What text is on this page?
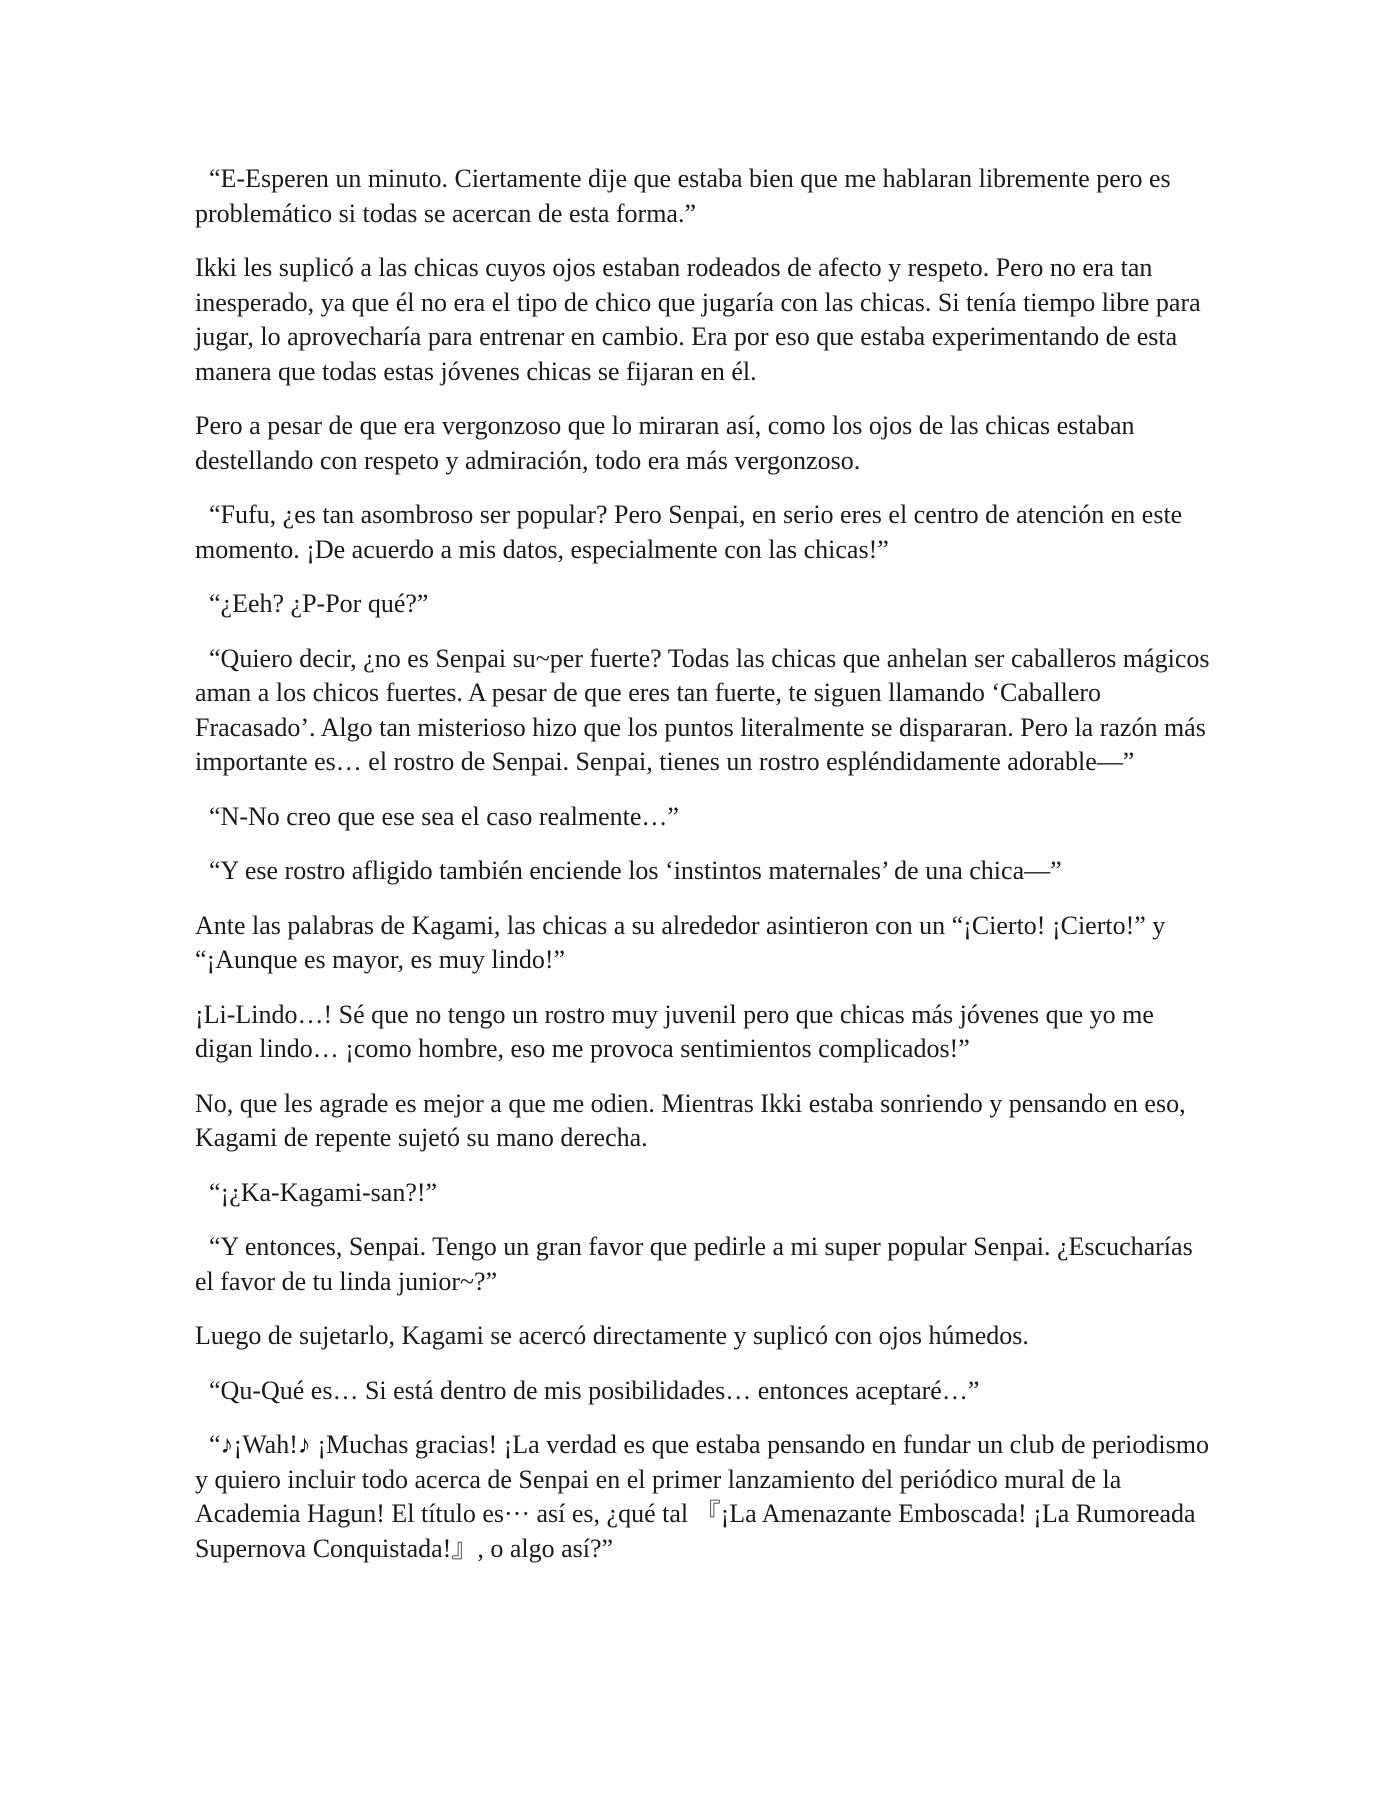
“E-Esperen un minuto. Ciertamente dije que estaba bien que me hablaran libremente pero es problemático si todas se acercan de esta forma.”

Ikki les suplicó a las chicas cuyos ojos estaban rodeados de afecto y respeto. Pero no era tan inesperado, ya que él no era el tipo de chico que jugaría con las chicas. Si tenía tiempo libre para jugar, lo aprovecharía para entrenar en cambio. Era por eso que estaba experimentando de esta manera que todas estas jóvenes chicas se fijaran en él.

Pero a pesar de que era vergonzoso que lo miraran así, como los ojos de las chicas estaban destellando con respeto y admiración, todo era más vergonzoso.

“Fufu, ¿es tan asombroso ser popular? Pero Senpai, en serio eres el centro de atención en este momento. ¡De acuerdo a mis datos, especialmente con las chicas!”

“¿Eeh? ¿P-Por qué?”

“Quiero decir, ¿no es Senpai su~per fuerte? Todas las chicas que anhelan ser caballeros mágicos aman a los chicos fuertes. A pesar de que eres tan fuerte, te siguen llamando ‘Caballero Fracasado’. Algo tan misterioso hizo que los puntos literalmente se dispararan. Pero la razón más importante es… el rostro de Senpai. Senpai, tienes un rostro espléndidamente adorable—”

“N-No creo que ese sea el caso realmente…”

“Y ese rostro afligido también enciende los ‘instintos maternales’ de una chica—”

Ante las palabras de Kagami, las chicas a su alrededor asintieron con un “¡Cierto! ¡Cierto!” y “¡Aunque es mayor, es muy lindo!”

¡Li-Lindo…! Sé que no tengo un rostro muy juvenil pero que chicas más jóvenes que yo me digan lindo… ¡como hombre, eso me provoca sentimientos complicados!”

No, que les agrade es mejor a que me odien. Mientras Ikki estaba sonriendo y pensando en eso, Kagami de repente sujetó su mano derecha.

“¡¿Ka-Kagami-san?!”

“Y entonces, Senpai. Tengo un gran favor que pedirle a mi super popular Senpai. ¿Escucharías el favor de tu linda junior~?”

Luego de sujetarlo, Kagami se acercó directamente y suplicó con ojos húmedos.

“Qu-Qué es… Si está dentro de mis posibilidades… entonces aceptaré…”

“♪¡Wah!♪ ¡Muchas gracias! ¡La verdad es que estaba pensando en fundar un club de periodismo y quiero incluir todo acerca de Senpai en el primer lanzamiento del periódico mural de la Academia Hagun! El título es··· así es, ¿qué tal 『¡La Amenazante Emboscada! ¡La Rumoreada Supernova Conquistada!』, o algo así?”
